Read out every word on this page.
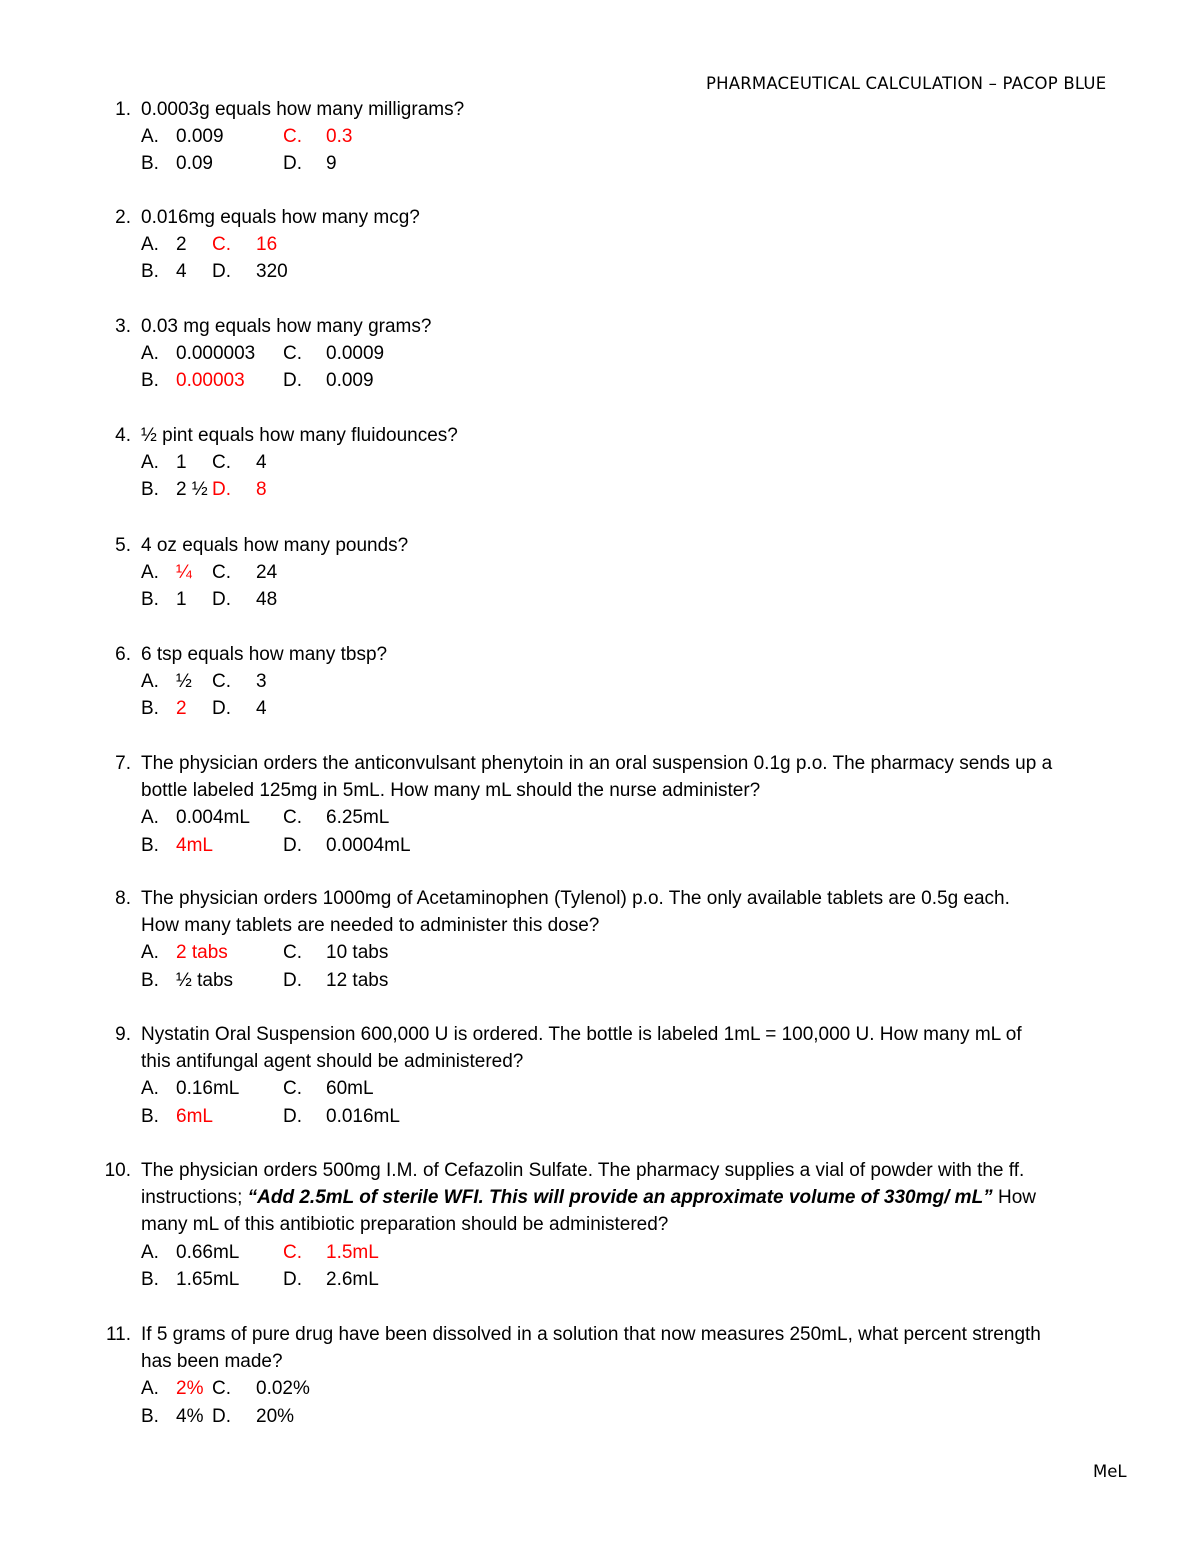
PHARMACEUTICAL CALCULATION – PACOP BLUE
1. 0.0003g equals how many milligrams?
A. 0.009	C. 0.3
B. 0.09	D. 9
2. 0.016mg equals how many mcg?
A. 2 C. 16
B. 4 D. 320
3. 0.03 mg equals how many grams?
A. 0.000003 C. 0.0009
B. 0.00003 D. 0.009
4. ½ pint equals how many fluidounces?
A. 1 C. 4
B. 2 ½ D. 8
5. 4 oz equals how many pounds?
A. ¼ C. 24
B. 1 D. 48
6. 6 tsp equals how many tbsp?
A. ½ C. 3
B. 2 D. 4
7. The physician orders the anticonvulsant phenytoin in an oral suspension 0.1g p.o. The pharmacy sends up a
bottle labeled 125mg in 5mL. How many mL should the nurse administer?
A. 0.004mL C. 6.25mL
B. 4mL	D. 0.0004mL
8. The physician orders 1000mg of Acetaminophen (Tylenol) p.o. The only available tablets are 0.5g each.
How many tablets are needed to administer this dose?
A. 2 tabs	C. 10 tabs
B. ½ tabs	D. 12 tabs
9. Nystatin Oral Suspension 600,000 U is ordered. The bottle is labeled 1mL = 100,000 U. How many mL of
this antifungal agent should be administered?
A. 0.16mL C. 60mL
B. 6mL	D. 0.016mL
10. The physician orders 500mg I.M. of Cefazolin Sulfate. The pharmacy supplies a vial of powder with the ff.
instructions; “Add 2.5mL of sterile WFI. This will provide an approximate volume of 330mg/ mL” How
many mL of this antibiotic preparation should be administered?
A. 0.66mL C. 1.5mL
B. 1.65mL D. 2.6mL
11. If 5 grams of pure drug have been dissolved in a solution that now measures 250mL, what percent strength
has been made?
A. 2% C. 0.02%
B. 4% D. 20%
MeL
